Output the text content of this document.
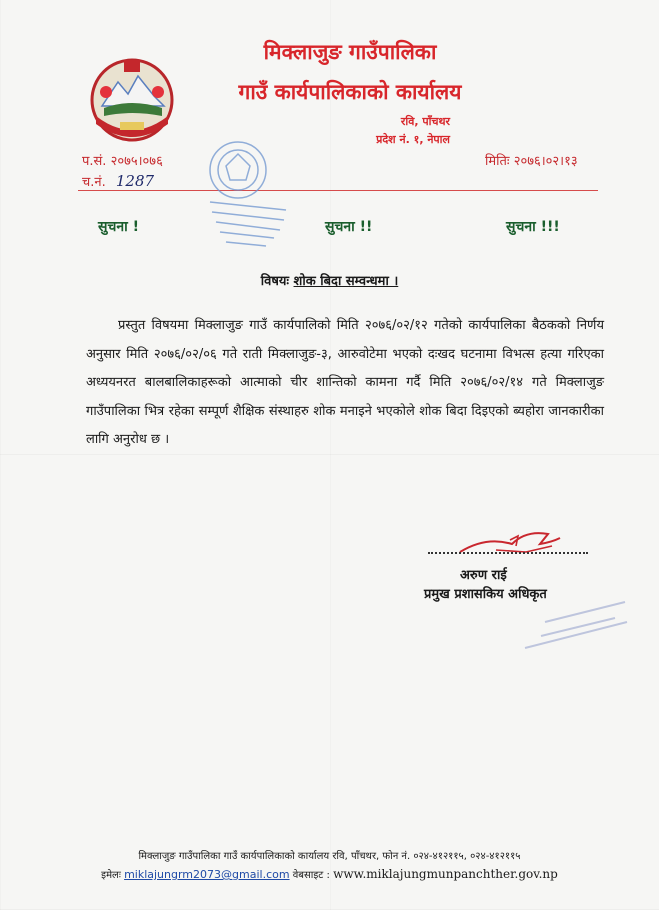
मिक्लाजुङ गाउँपालिका
गाउँ कार्यपालिकाको कार्यालय
रवि, पाँचथर
प्रदेश नं. १, नेपाल
प.सं. २०७५।०७६
च.नं. 1287
मितिः २०७६।०२।१३
सुचना !	सुचना !!	सुचना !!!
विषयः शोक बिदा सम्वन्धमा ।
प्रस्तुत विषयमा मिक्लाजुङ गाउँ कार्यपालिकाे मिति २०७६/०२/१२ गतेकाे कार्यपालिका बैठककाे निर्णय अनुसार मिति २०७६/०२/०६ गते राती मिक्लाजुङ-३, आरुवोटेमा भएकाे दःखद घटनामा विभत्स हत्या गरिएका अध्ययनरत बालबालिकाहरूकाे आत्माकाे चीर शान्तिकाे कामना गर्दै मिति २०७६/०२/१४ गते मिक्लाजुङ गाउँपालिका भित्र रहेका सम्पूर्ण शैक्षिक संस्थाहरु शोक मनाइने भएकोले शोक बिदा दिइएको ब्यहोरा जानकारीका लागि अनुरोध छ ।
अरुण राई
प्रमुख प्रशासकिय अधिकृत
मिक्लाजुङ गाउँपालिका गाउँ कार्यपालिकाको कार्यालय रवि, पाँचथर, फोन नं. ०२४-४१२११५, ०२४-४१२११५
इमेलः miklajungrm2073@gmail.com वेबसाइट : www.miklajungmunpanchther.gov.np
